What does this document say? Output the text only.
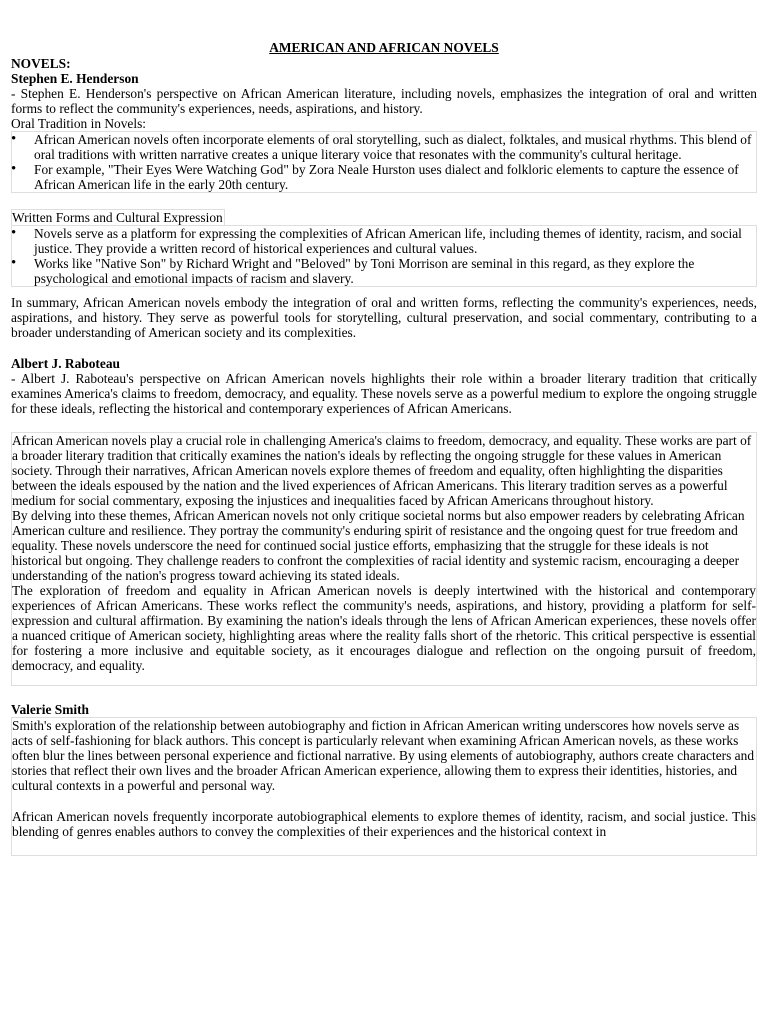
AMERICAN AND AFRICAN NOVELS
NOVELS:
Stephen E. Henderson

- Stephen E. Henderson's perspective on African American literature, including novels, emphasizes the integration of oral and written forms to reflect the community's experiences, needs, aspirations, and history.

Oral Tradition in Novels:
• African American novels often incorporate elements of oral storytelling, such as dialect, folktales, and musical rhythms. This blend of oral traditions with written narrative creates a unique literary voice that resonates with the community's cultural heritage.
• For example, "Their Eyes Were Watching God" by Zora Neale Hurston uses dialect and folkloric elements to capture the essence of African American life in the early 20th century.
Written Forms and Cultural Expression
• Novels serve as a platform for expressing the complexities of African American life, including themes of identity, racism, and social justice. They provide a written record of historical experiences and cultural values.
• Works like "Native Son" by Richard Wright and "Beloved" by Toni Morrison are seminal in this regard, as they explore the psychological and emotional impacts of racism and slavery.

In summary, African American novels embody the integration of oral and written forms, reflecting the community's experiences, needs, aspirations, and history. They serve as powerful tools for storytelling, cultural preservation, and social commentary, contributing to a broader understanding of American society and its complexities.

Albert J. Raboteau

- Albert J. Raboteau's perspective on African American novels highlights their role within a broader literary tradition that critically examines America's claims to freedom, democracy, and equality. These novels serve as a powerful medium to explore the ongoing struggle for these ideals, reflecting the historical and contemporary experiences of African Americans.

African American novels play a crucial role in challenging America's claims to freedom, democracy, and equality. These works are part of a broader literary tradition that critically examines the nation's ideals by reflecting the ongoing struggle for these values in American society. Through their narratives, African American novels explore themes of freedom and equality, often highlighting the disparities between the ideals espoused by the nation and the lived experiences of African Americans. This literary tradition serves as a powerful medium for social commentary, exposing the injustices and inequalities faced by African Americans throughout history.

By delving into these themes, African American novels not only critique societal norms but also empower readers by celebrating African American culture and resilience. They portray the community's enduring spirit of resistance and the ongoing quest for true freedom and equality. These novels underscore the need for continued social justice efforts, emphasizing that the struggle for these ideals is not historical but ongoing. They challenge readers to confront the complexities of racial identity and systemic racism, encouraging a deeper understanding of the nation's progress toward achieving its stated ideals.

The exploration of freedom and equality in African American novels is deeply intertwined with the historical and contemporary experiences of African Americans. These works reflect the community's needs, aspirations, and history, providing a platform for self-expression and cultural affirmation. By examining the nation's ideals through the lens of African American experiences, these novels offer a nuanced critique of American society, highlighting areas where the reality falls short of the rhetoric. This critical perspective is essential for fostering a more inclusive and equitable society, as it encourages dialogue and reflection on the ongoing pursuit of freedom, democracy, and equality.

Valerie Smith

Smith's exploration of the relationship between autobiography and fiction in African American writing underscores how novels serve as acts of self-fashioning for black authors. This concept is particularly relevant when examining African American novels, as these works often blur the lines between personal experience and fictional narrative. By using elements of autobiography, authors create characters and stories that reflect their own lives and the broader African American experience, allowing them to express their identities, histories, and cultural contexts in a powerful and personal way.

African American novels frequently incorporate autobiographical elements to explore themes of identity, racism, and social justice. This blending of genres enables authors to convey the complexities of their experiences and the historical context in
